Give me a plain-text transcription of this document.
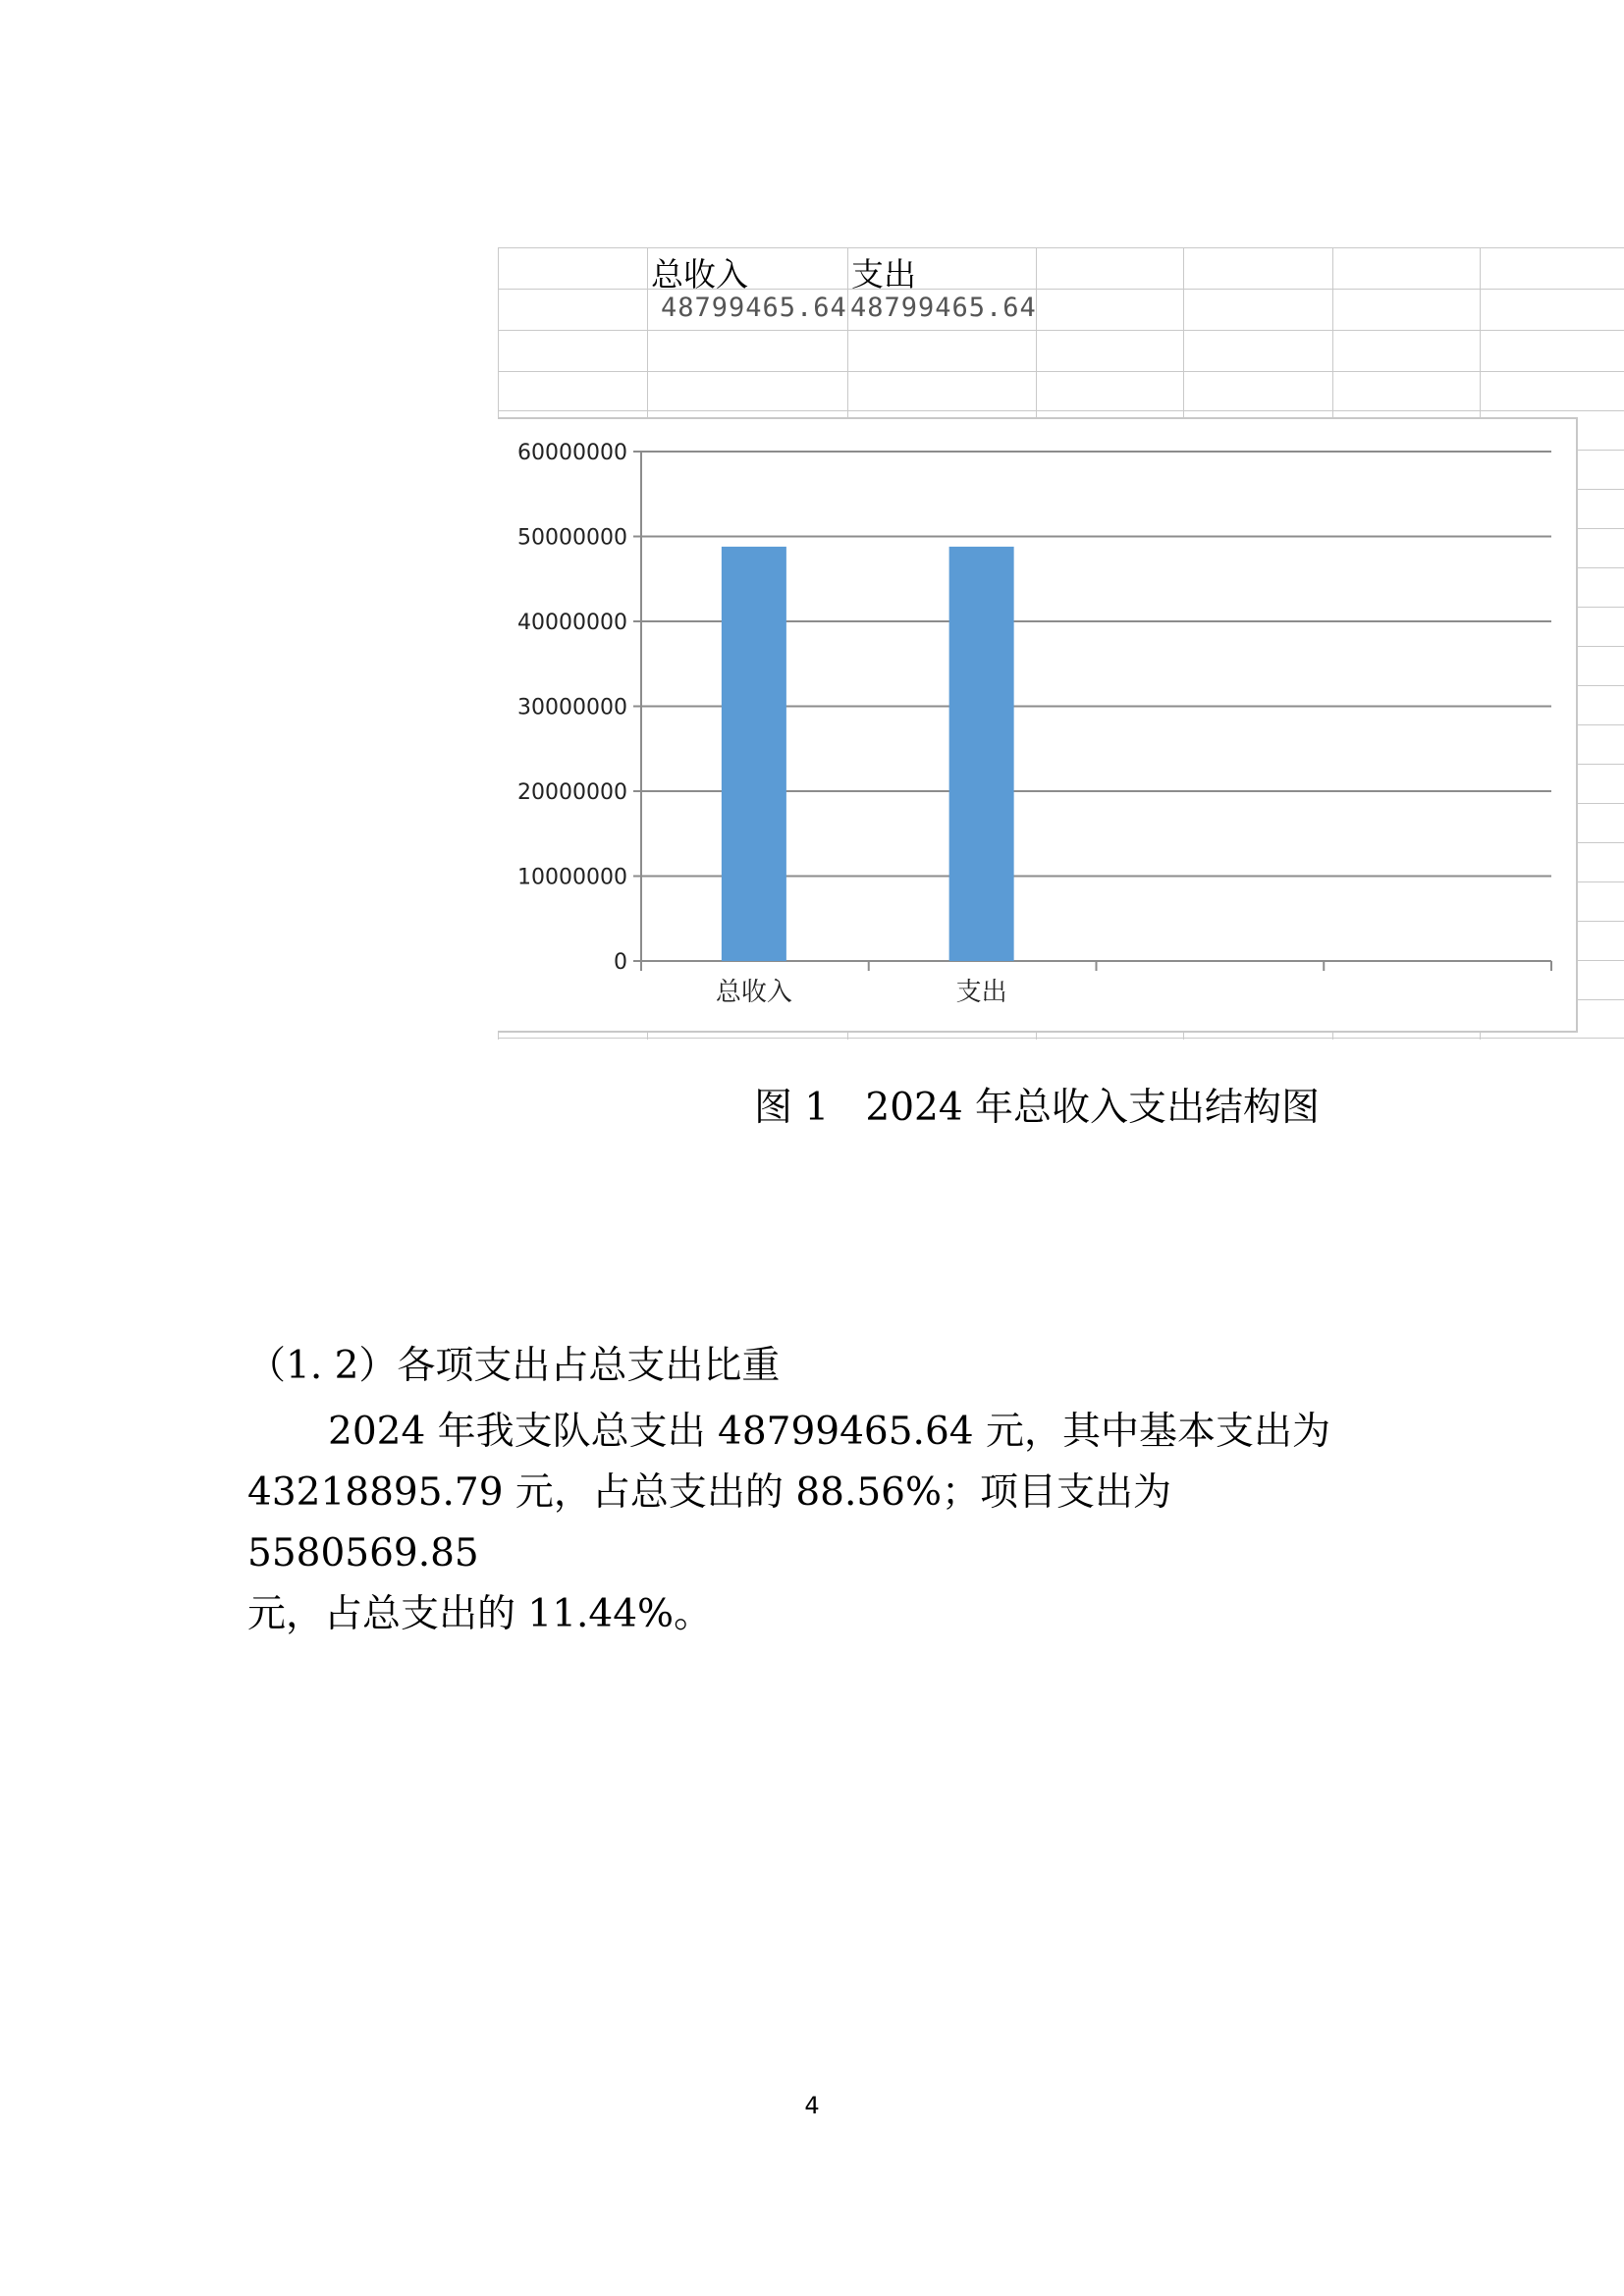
总收入	支出
48799465.64 48799465.64
0
10000000
20000000
30000000
40000000
50000000
60000000
总收入	支出
图 1   2024 年总收入支出结构图
（1. 2）各项支出占总支出比重

2024 年我支队总支出 48799465.64 元，其中基本支出为

43218895.79 元，占总支出的 88.56%；项目支出为 5580569.85

元，占总支出的 11.44%。

4
